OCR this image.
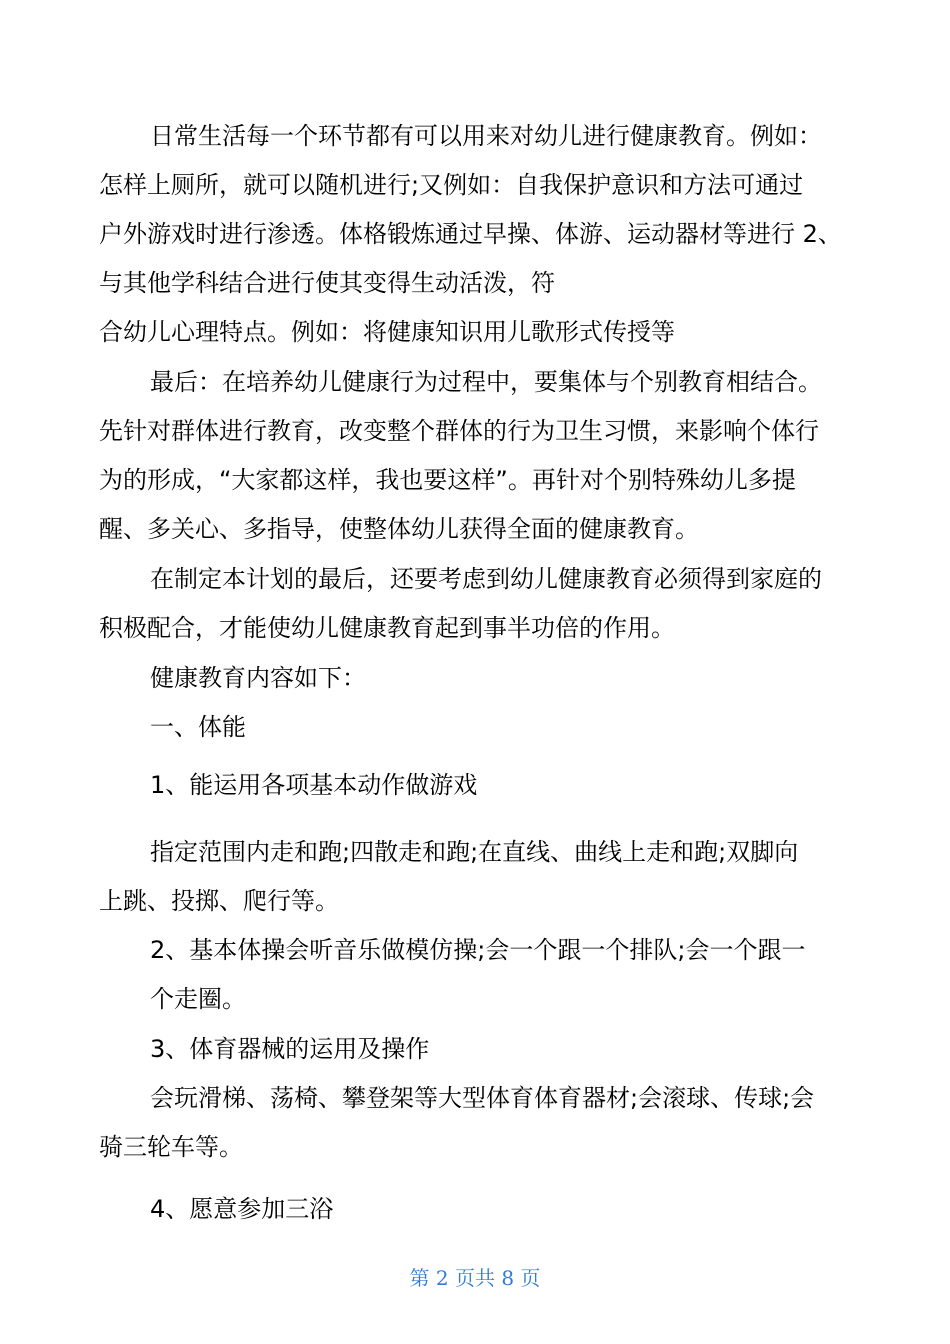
日常生活每一个环节都有可以用来对幼儿进行健康教育。例如：
怎样上厕所，就可以随机进行;又例如：自我保护意识和方法可通过
户外游戏时进行渗透。体格锻炼通过早操、体游、运动器材等进行 2、
与其他学科结合进行使其变得生动活泼，符
合幼儿心理特点。例如：将健康知识用儿歌形式传授等
最后：在培养幼儿健康行为过程中，要集体与个别教育相结合。
先针对群体进行教育，改变整个群体的行为卫生习惯，来影响个体行
为的形成，“大家都这样，我也要这样”。再针对个别特殊幼儿多提
醒、多关心、多指导，使整体幼儿获得全面的健康教育。
在制定本计划的最后，还要考虑到幼儿健康教育必须得到家庭的
积极配合，才能使幼儿健康教育起到事半功倍的作用。
健康教育内容如下：
一、体能
1、能运用各项基本动作做游戏
指定范围内走和跑;四散走和跑;在直线、曲线上走和跑;双脚向
上跳、投掷、爬行等。
2、基本体操会听音乐做模仿操;会一个跟一个排队;会一个跟一
个走圈。
3、体育器械的运用及操作
会玩滑梯、荡椅、攀登架等大型体育体育器材;会滚球、传球;会
骑三轮车等。
4、愿意参加三浴
第 2 页共 8 页
